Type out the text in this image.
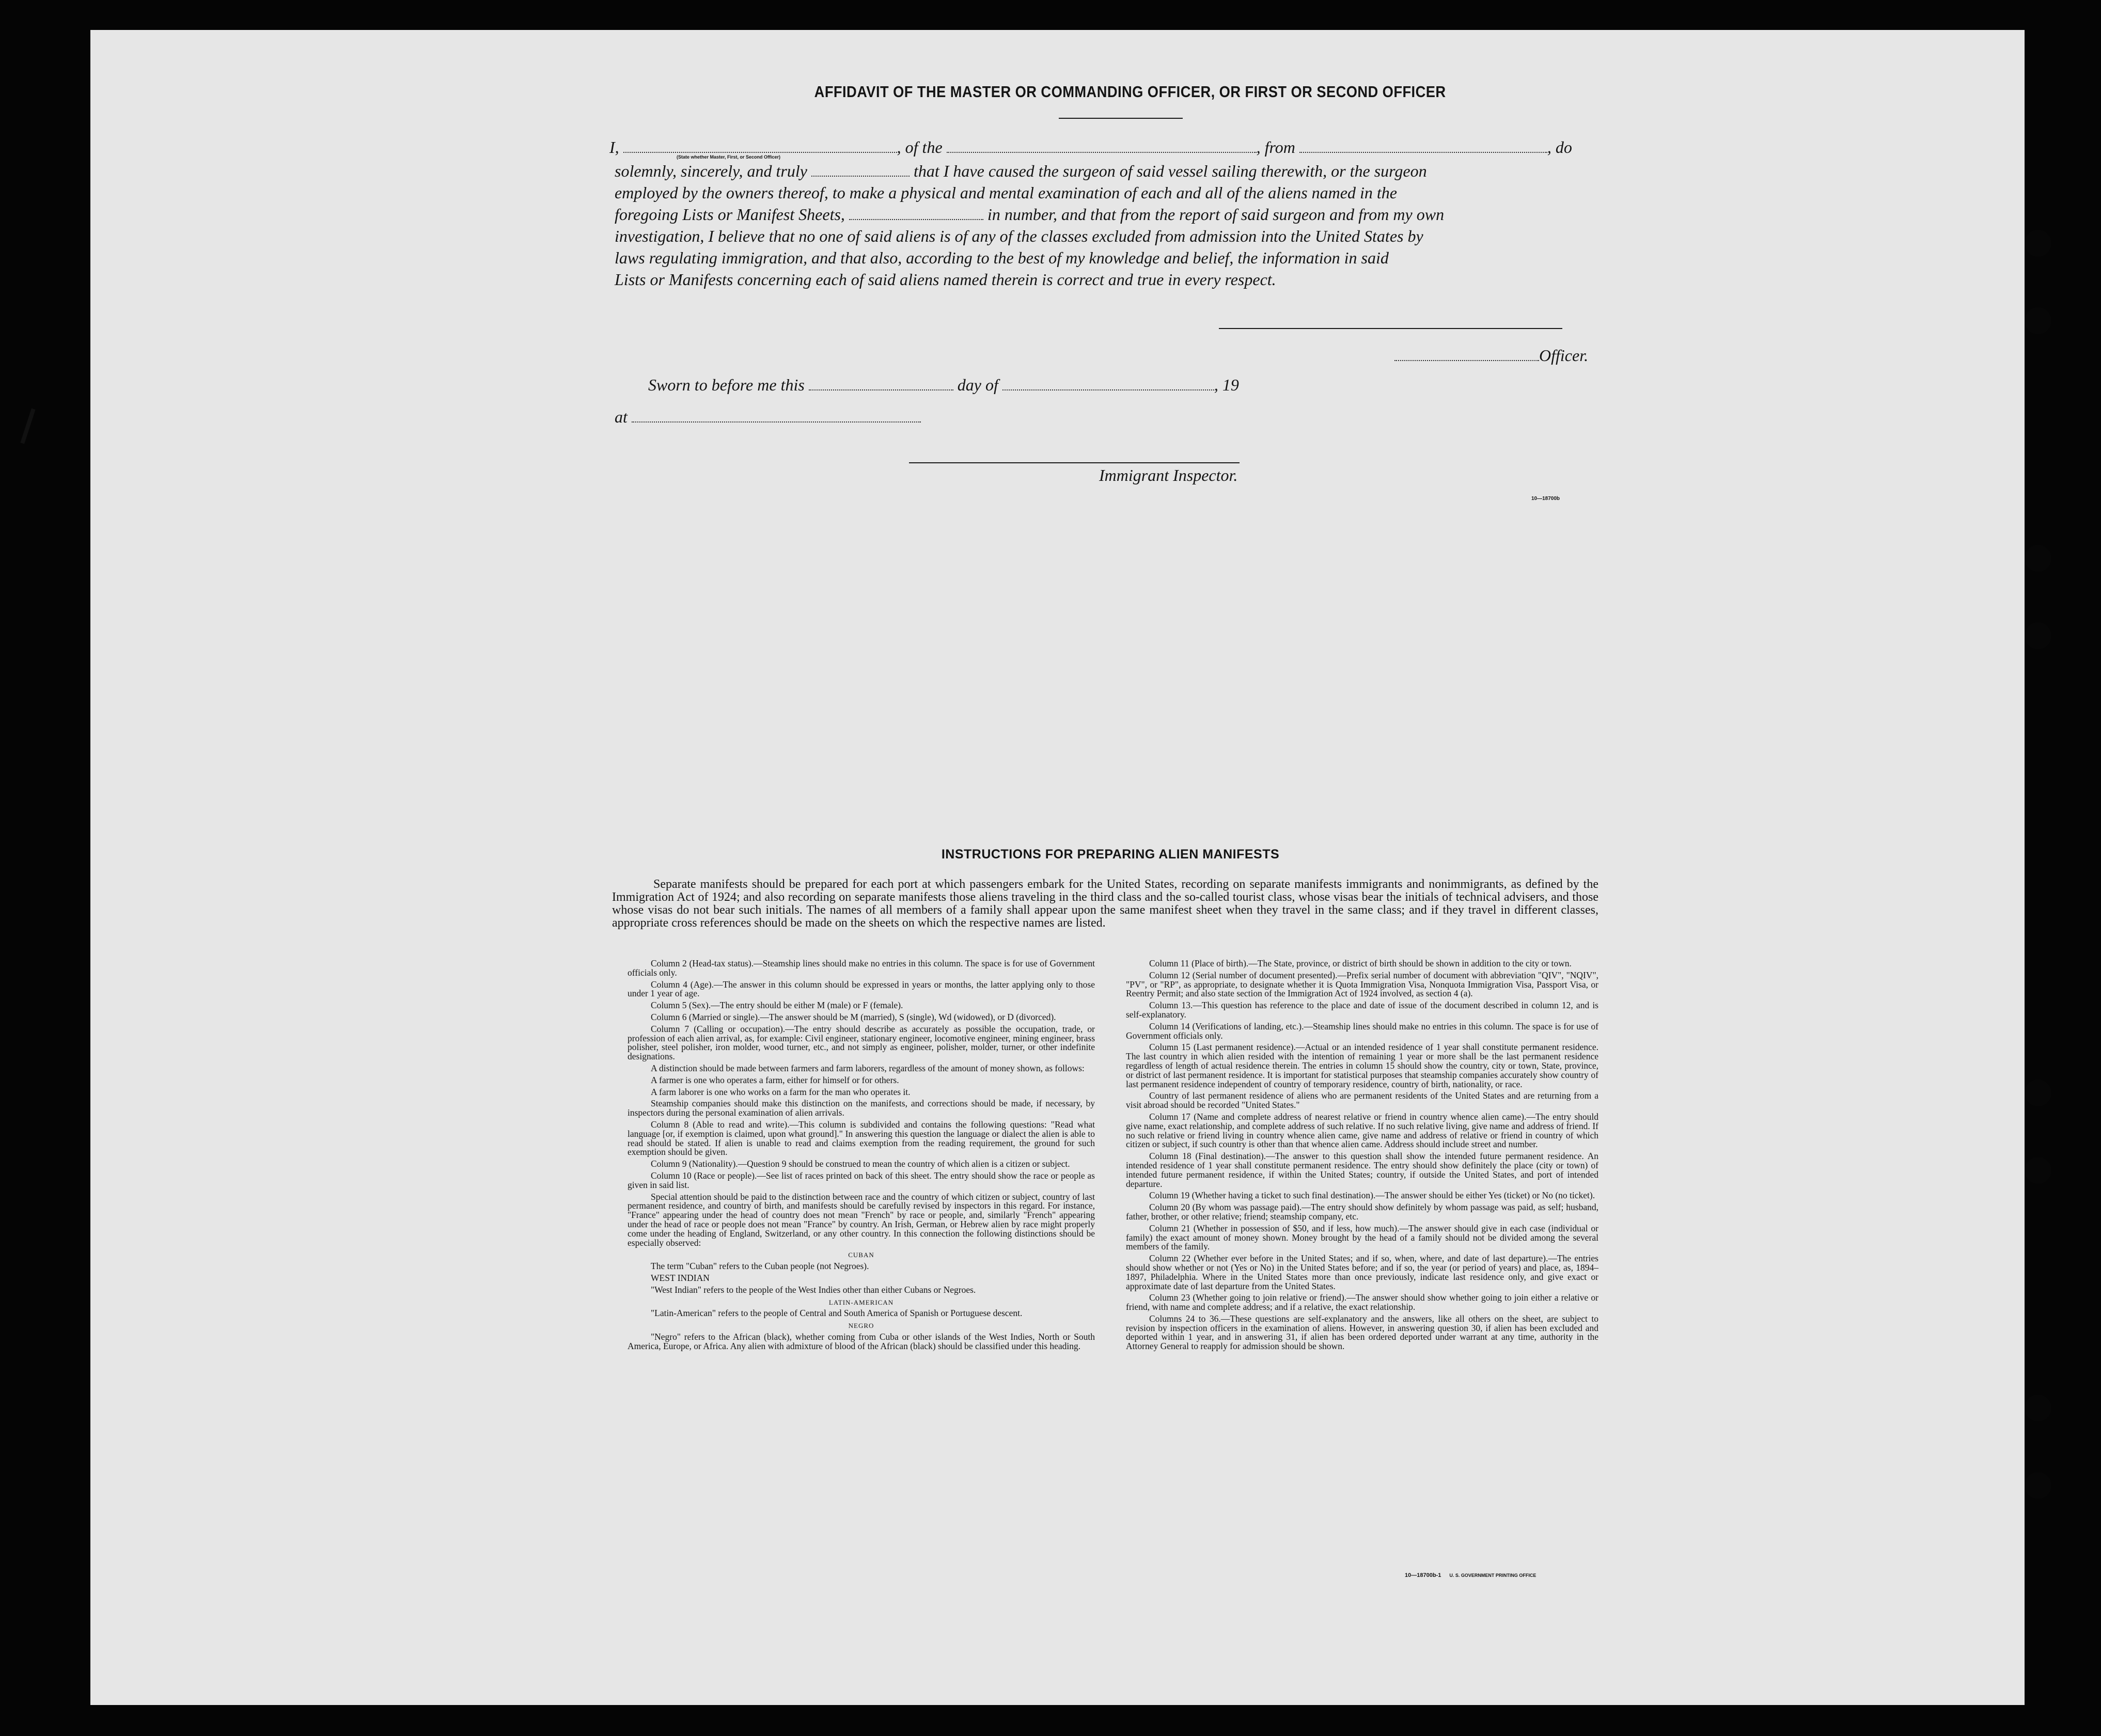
AFFIDAVIT OF THE MASTER OR COMMANDING OFFICER, OR FIRST OR SECOND OFFICER
I,	, of the	, from	, do
(State whether Master, First, or Second Officer)
solemnly, sincerely, and truly	that I have caused the surgeon of said vessel sailing therewith, or the surgeon
employed by the owners thereof, to make a physical and mental examination of each and all of the aliens named in the
foregoing Lists or Manifest Sheets,	in number, and that from the report of said surgeon and from my own
investigation, I believe that no one of said aliens is of any of the classes excluded from admission into the United States by
laws regulating immigration, and that also, according to the best of my knowledge and belief, the information in said
Lists or Manifests concerning each of said aliens named therein is correct and true in every respect.
Officer.
Sworn to before me this	day of	, 19
at
Immigrant Inspector.
10—18700b
INSTRUCTIONS FOR PREPARING ALIEN MANIFESTS

Separate manifests should be prepared for each port at which passengers embark for the United States, recording on separate manifests immigrants and nonimmigrants, as defined by the Immigration Act of 1924; and also recording on separate manifests those aliens traveling in the third class and the so-called tourist class, whose visas bear the initials of technical advisers, and those whose visas do not bear such initials. The names of all members of a family shall appear upon the same manifest sheet when they travel in the same class; and if they travel in different classes, appropriate cross references should be made on the sheets on which the respective names are listed.

Column 2 (Head-tax status).—Steamship lines should make no entries in this column. The space is for use of Government officials only.

Column 4 (Age).—The answer in this column should be expressed in years or months, the latter applying only to those under 1 year of age.

Column 5 (Sex).—The entry should be either M (male) or F (female).

Column 6 (Married or single).—The answer should be M (married), S (single), Wd (widowed), or D (divorced).

Column 7 (Calling or occupation).—The entry should describe as accurately as possible the occupation, trade, or profession of each alien arrival, as, for example: Civil engineer, stationary engineer, locomotive engineer, mining engineer, brass polisher, steel polisher, iron molder, wood turner, etc., and not simply as engineer, polisher, molder, turner, or other indefinite designations.

A distinction should be made between farmers and farm laborers, regardless of the amount of money shown, as follows:

A farmer is one who operates a farm, either for himself or for others.

A farm laborer is one who works on a farm for the man who operates it.

Steamship companies should make this distinction on the manifests, and corrections should be made, if necessary, by inspectors during the personal examination of alien arrivals.

Column 8 (Able to read and write).—This column is subdivided and contains the following questions: "Read what language [or, if exemption is claimed, upon what ground]." In answering this question the language or dialect the alien is able to read should be stated. If alien is unable to read and claims exemption from the reading requirement, the ground for such exemption should be given.

Column 9 (Nationality).—Question 9 should be construed to mean the country of which alien is a citizen or subject.

Column 10 (Race or people).—See list of races printed on back of this sheet. The entry should show the race or people as given in said list.

Special attention should be paid to the distinction between race and the country of which citizen or subject, country of last permanent residence, and country of birth, and manifests should be carefully revised by inspectors in this regard. For instance, "France" appearing under the head of country does not mean "French" by race or people, and, similarly "French" appearing under the head of race or people does not mean "France" by country. An Irish, German, or Hebrew alien by race might properly come under the heading of England, Switzerland, or any other country. In this connection the following distinctions should be especially observed:

CUBAN

The term "Cuban" refers to the Cuban people (not Negroes).

WEST INDIAN

"West Indian" refers to the people of the West Indies other than either Cubans or Negroes.

LATIN-AMERICAN

"Latin-American" refers to the people of Central and South America of Spanish or Portuguese descent.

NEGRO

"Negro" refers to the African (black), whether coming from Cuba or other islands of the West Indies, North or South America, Europe, or Africa. Any alien with admixture of blood of the African (black) should be classified under this heading.

Column 11 (Place of birth).—The State, province, or district of birth should be shown in addition to the city or town.

Column 12 (Serial number of document presented).—Prefix serial number of document with abbreviation "QIV", "NQIV", "PV", or "RP", as appropriate, to designate whether it is Quota Immigration Visa, Nonquota Immigration Visa, Passport Visa, or Reentry Permit; and also state section of the Immigration Act of 1924 involved, as section 4 (a).

Column 13.—This question has reference to the place and date of issue of the document described in column 12, and is self-explanatory.

Column 14 (Verifications of landing, etc.).—Steamship lines should make no entries in this column. The space is for use of Government officials only.

Column 15 (Last permanent residence).—Actual or an intended residence of 1 year shall constitute permanent residence. The last country in which alien resided with the intention of remaining 1 year or more shall be the last permanent residence regardless of length of actual residence therein. The entries in column 15 should show the country, city or town, State, province, or district of last permanent residence. It is important for statistical purposes that steamship companies accurately show country of last permanent residence independent of country of temporary residence, country of birth, nationality, or race.

Country of last permanent residence of aliens who are permanent residents of the United States and are returning from a visit abroad should be recorded "United States."

Column 17 (Name and complete address of nearest relative or friend in country whence alien came).—The entry should give name, exact relationship, and complete address of such relative. If no such relative living, give name and address of friend. If no such relative or friend living in country whence alien came, give name and address of relative or friend in country of which citizen or subject, if such country is other than that whence alien came. Address should include street and number.

Column 18 (Final destination).—The answer to this question shall show the intended future permanent residence. An intended residence of 1 year shall constitute permanent residence. The entry should show definitely the place (city or town) of intended future permanent residence, if within the United States; country, if outside the United States, and port of intended departure.

Column 19 (Whether having a ticket to such final destination).—The answer should be either Yes (ticket) or No (no ticket).

Column 20 (By whom was passage paid).—The entry should show definitely by whom passage was paid, as self; husband, father, brother, or other relative; friend; steamship company, etc.

Column 21 (Whether in possession of $50, and if less, how much).—The answer should give in each case (individual or family) the exact amount of money shown. Money brought by the head of a family should not be divided among the several members of the family.

Column 22 (Whether ever before in the United States; and if so, when, where, and date of last departure).—The entries should show whether or not (Yes or No) in the United States before; and if so, the year (or period of years) and place, as, 1894–1897, Philadelphia. Where in the United States more than once previously, indicate last residence only, and give exact or approximate date of last departure from the United States.

Column 23 (Whether going to join relative or friend).—The answer should show whether going to join either a relative or friend, with name and complete address; and if a relative, the exact relationship.

Columns 24 to 36.—These questions are self-explanatory and the answers, like all others on the sheet, are subject to revision by inspection officers in the examination of aliens. However, in answering question 30, if alien has been excluded and deported within 1 year, and in answering 31, if alien has been ordered deported under warrant at any time, authority in the Attorney General to reapply for admission should be shown.

10—18700b-1 U. S. GOVERNMENT PRINTING OFFICE
